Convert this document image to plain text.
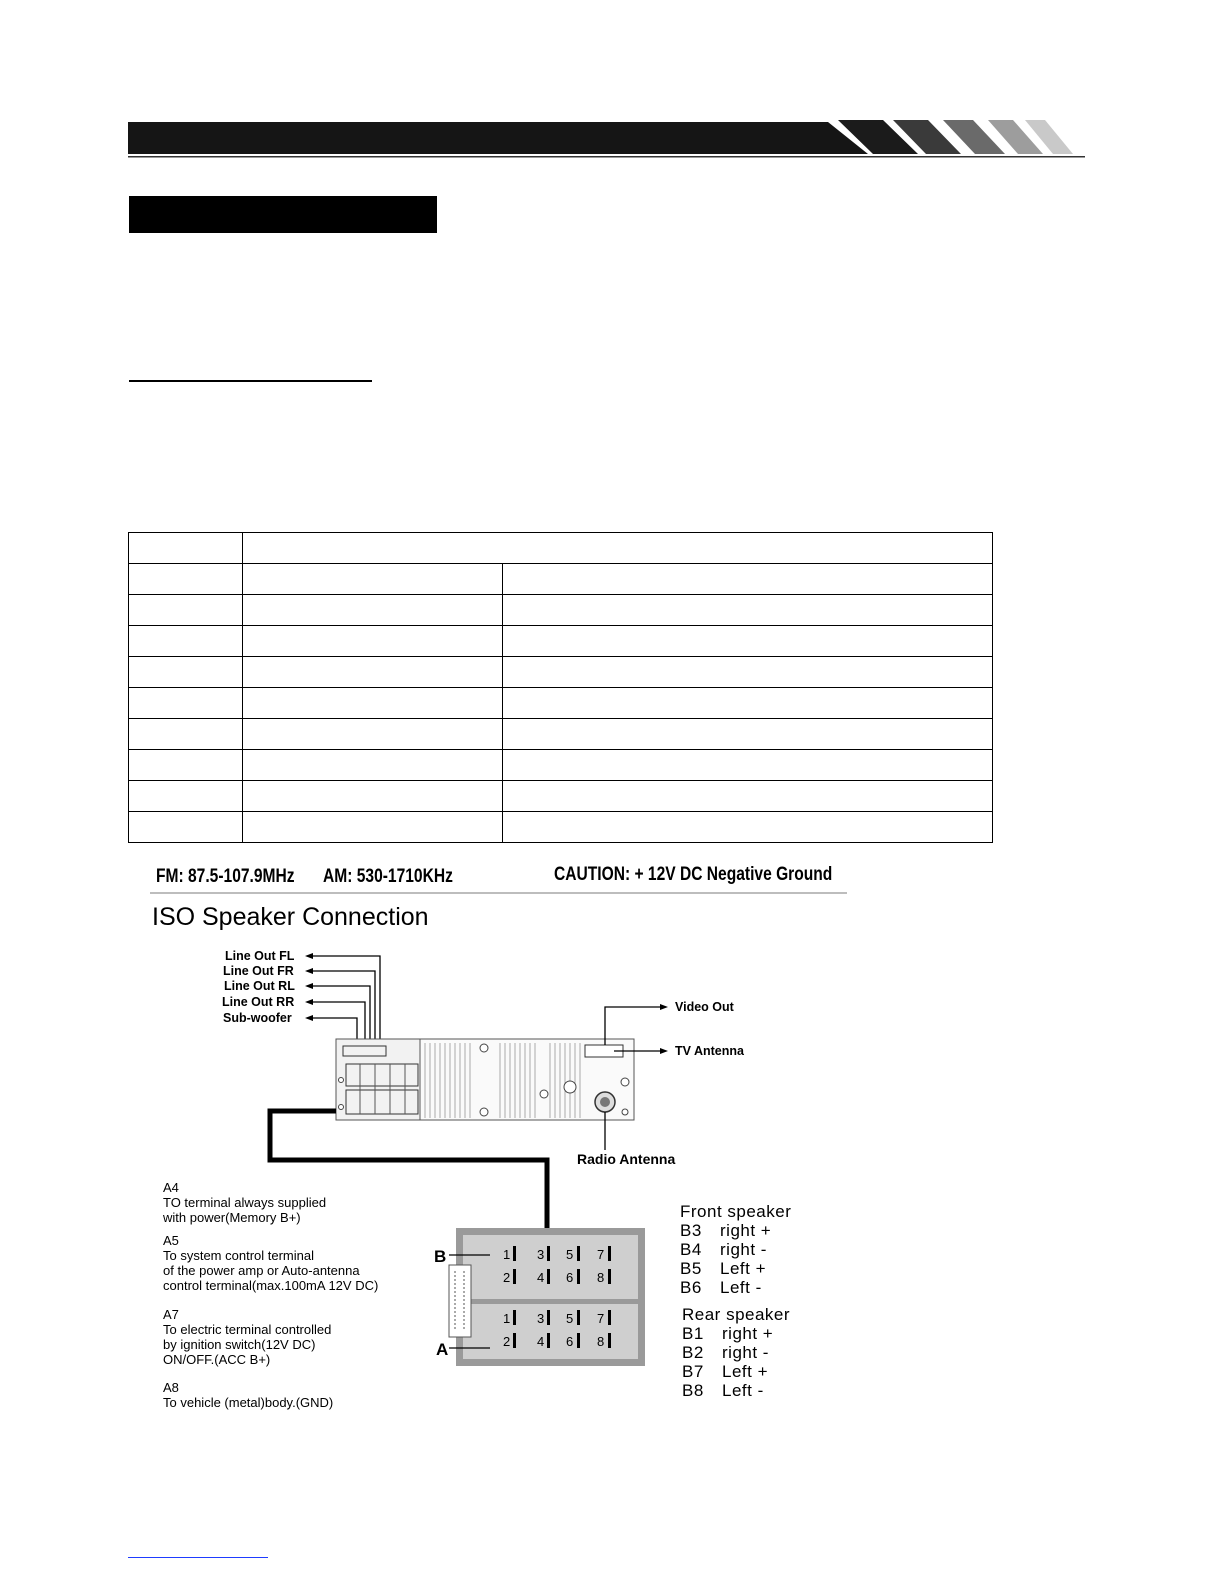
FM: 87.5-107.9MHz AM: 530-1710KHz	CAUTION: + 12V DC Negative Ground
ISO Speaker Connection
Line Out FL
Line Out FR
Line Out RL
Line Out RR
Sub-woofer
Video Out
TV Antenna
Radio Antenna
1 3 5 7
2 4 6 8
1 3 5 7
2 4 6 8
B
A
A4
TO terminal always supplied
with power(Memory B+)
A5
To system control terminal
of the power amp or Auto-antenna
control terminal(max.100mA 12V DC)
A7
To electric terminal controlled
by ignition switch(12V DC)
ON/OFF.(ACC B+)
A8
To vehicle (metal)body.(GND)
Front speaker
B3	right +
B4	right -
B5	Left +
B6	Left -
Rear speaker
B1	right +
B2	right -
B7	Left +
B8	Left -
